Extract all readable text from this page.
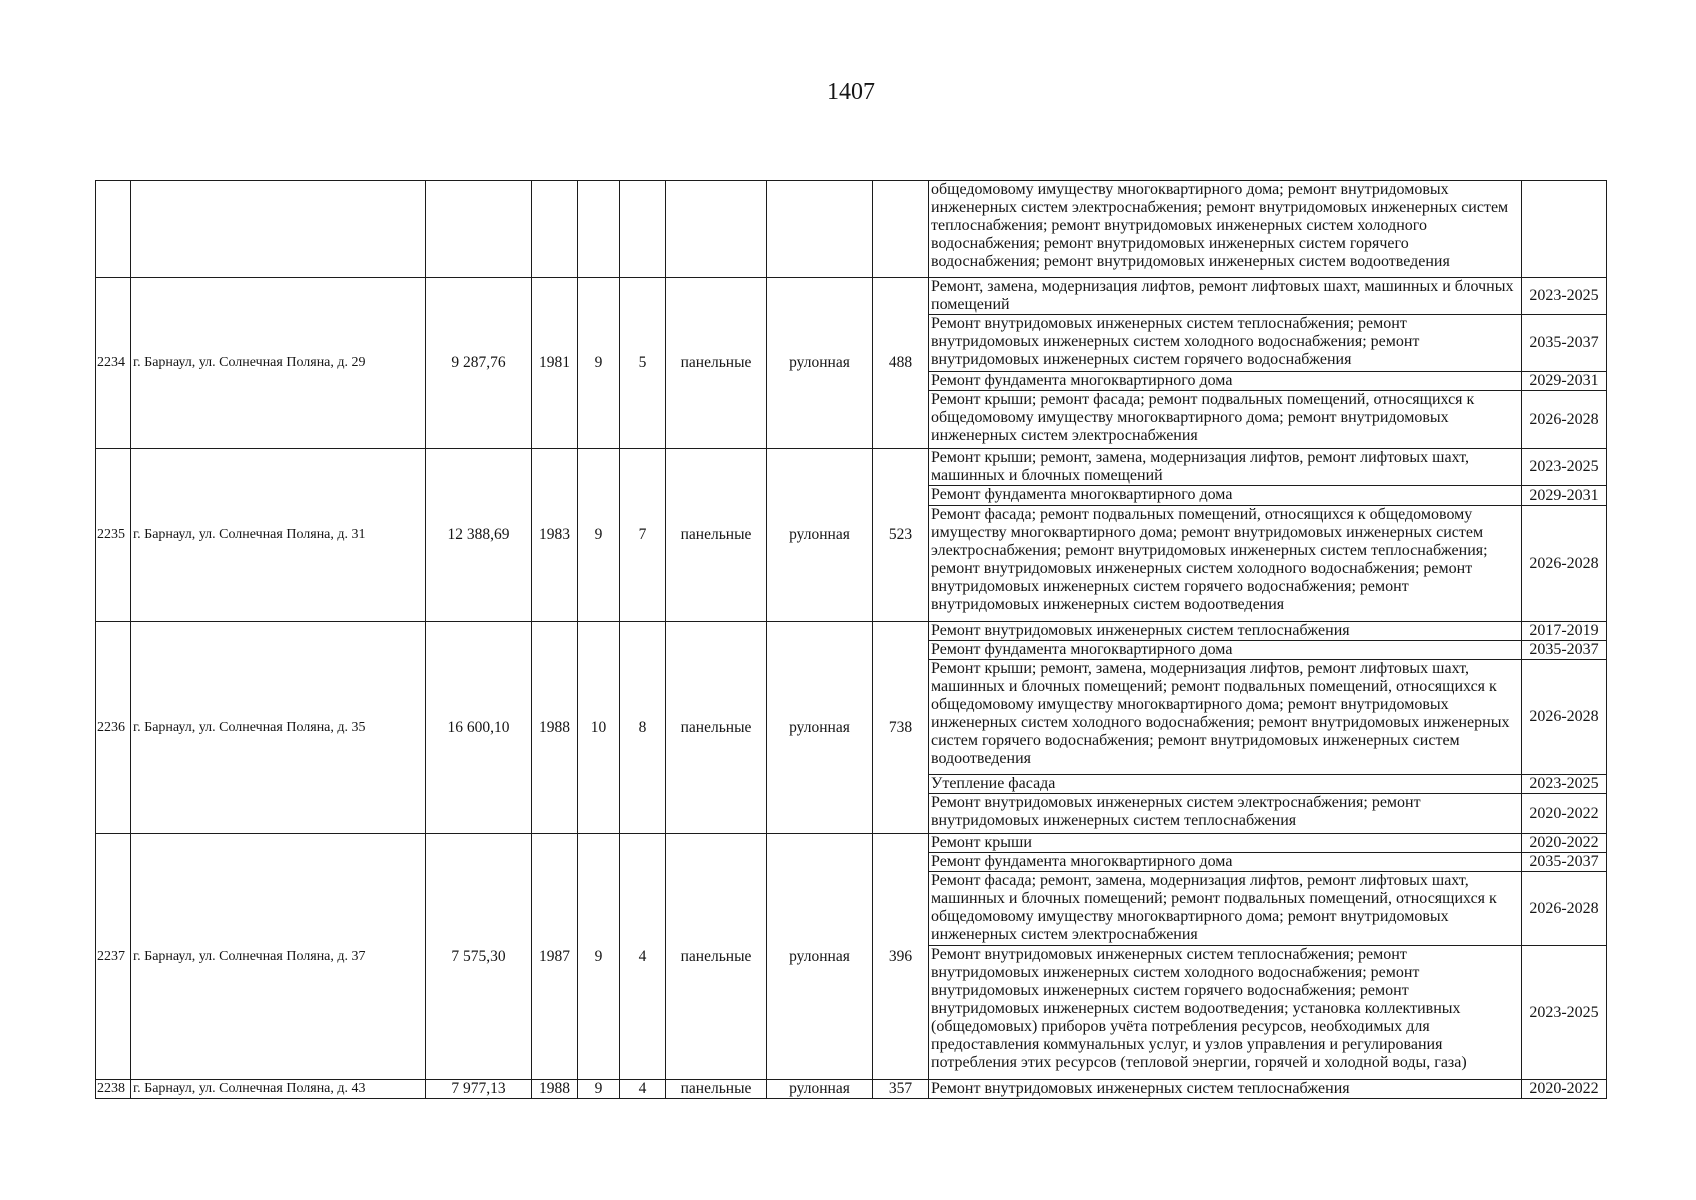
1407
									общедомовому имуществу многоквартирного дома; ремонт внутридомовых инженерных систем электроснабжения; ремонт внутридомовых инженерных систем теплоснабжения; ремонт внутридомовых инженерных систем холодного водоснабжения; ремонт внутридомовых инженерных систем горячего водоснабжения; ремонт внутридомовых инженерных систем водоотведения	
2234	г. Барнаул, ул. Солнечная Поляна, д. 29	9 287,76	1981	9	5	панельные	рулонная	488	Ремонт, замена, модернизация лифтов, ремонт лифтовых шахт, машинных и блочных помещений	2023-2025
									Ремонт внутридомовых инженерных систем теплоснабжения; ремонт внутридомовых инженерных систем холодного водоснабжения; ремонт внутридомовых инженерных систем горячего водоснабжения	2035-2037
									Ремонт фундамента многоквартирного дома	2029-2031
									Ремонт крыши; ремонт фасада; ремонт подвальных помещений, относящихся к общедомовому имуществу многоквартирного дома; ремонт внутридомовых инженерных систем электроснабжения	2026-2028
2235	г. Барнаул, ул. Солнечная Поляна, д. 31	12 388,69	1983	9	7	панельные	рулонная	523	Ремонт крыши; ремонт, замена, модернизация лифтов, ремонт лифтовых шахт, машинных и блочных помещений	2023-2025
									Ремонт фундамента многоквартирного дома	2029-2031
									Ремонт фасада; ремонт подвальных помещений, относящихся к общедомовому имуществу многоквартирного дома; ремонт внутридомовых инженерных систем электроснабжения; ремонт внутридомовых инженерных систем теплоснабжения; ремонт внутридомовых инженерных систем холодного водоснабжения; ремонт внутридомовых инженерных систем горячего водоснабжения; ремонт внутридомовых инженерных систем водоотведения	2026-2028
2236	г. Барнаул, ул. Солнечная Поляна, д. 35	16 600,10	1988	10	8	панельные	рулонная	738	Ремонт внутридомовых инженерных систем теплоснабжения	2017-2019
									Ремонт фундамента многоквартирного дома	2035-2037
									Ремонт крыши; ремонт, замена, модернизация лифтов, ремонт лифтовых шахт, машинных и блочных помещений; ремонт подвальных помещений, относящихся к общедомовому имуществу многоквартирного дома; ремонт внутридомовых инженерных систем холодного водоснабжения; ремонт внутридомовых инженерных систем горячего водоснабжения; ремонт внутридомовых инженерных систем водоотведения	2026-2028
									Утепление фасада	2023-2025
									Ремонт внутридомовых инженерных систем электроснабжения; ремонт внутридомовых инженерных систем теплоснабжения	2020-2022
2237	г. Барнаул, ул. Солнечная Поляна, д. 37	7 575,30	1987	9	4	панельные	рулонная	396	Ремонт крыши	2020-2022
									Ремонт фундамента многоквартирного дома	2035-2037
									Ремонт фасада; ремонт, замена, модернизация лифтов, ремонт лифтовых шахт, машинных и блочных помещений; ремонт подвальных помещений, относящихся к общедомовому имуществу многоквартирного дома; ремонт внутридомовых инженерных систем электроснабжения	2026-2028
									Ремонт внутридомовых инженерных систем теплоснабжения; ремонт внутридомовых инженерных систем холодного водоснабжения; ремонт внутридомовых инженерных систем горячего водоснабжения; ремонт внутридомовых инженерных систем водоотведения; установка коллективных (общедомовых) приборов учёта потребления ресурсов, необходимых для предоставления коммунальных услуг, и узлов управления и регулирования потребления этих ресурсов (тепловой энергии, горячей и холодной воды, газа)	2023-2025
2238	г. Барнаул, ул. Солнечная Поляна, д. 43	7 977,13	1988	9	4	панельные	рулонная	357	Ремонт внутридомовых инженерных систем теплоснабжения	2020-2022
